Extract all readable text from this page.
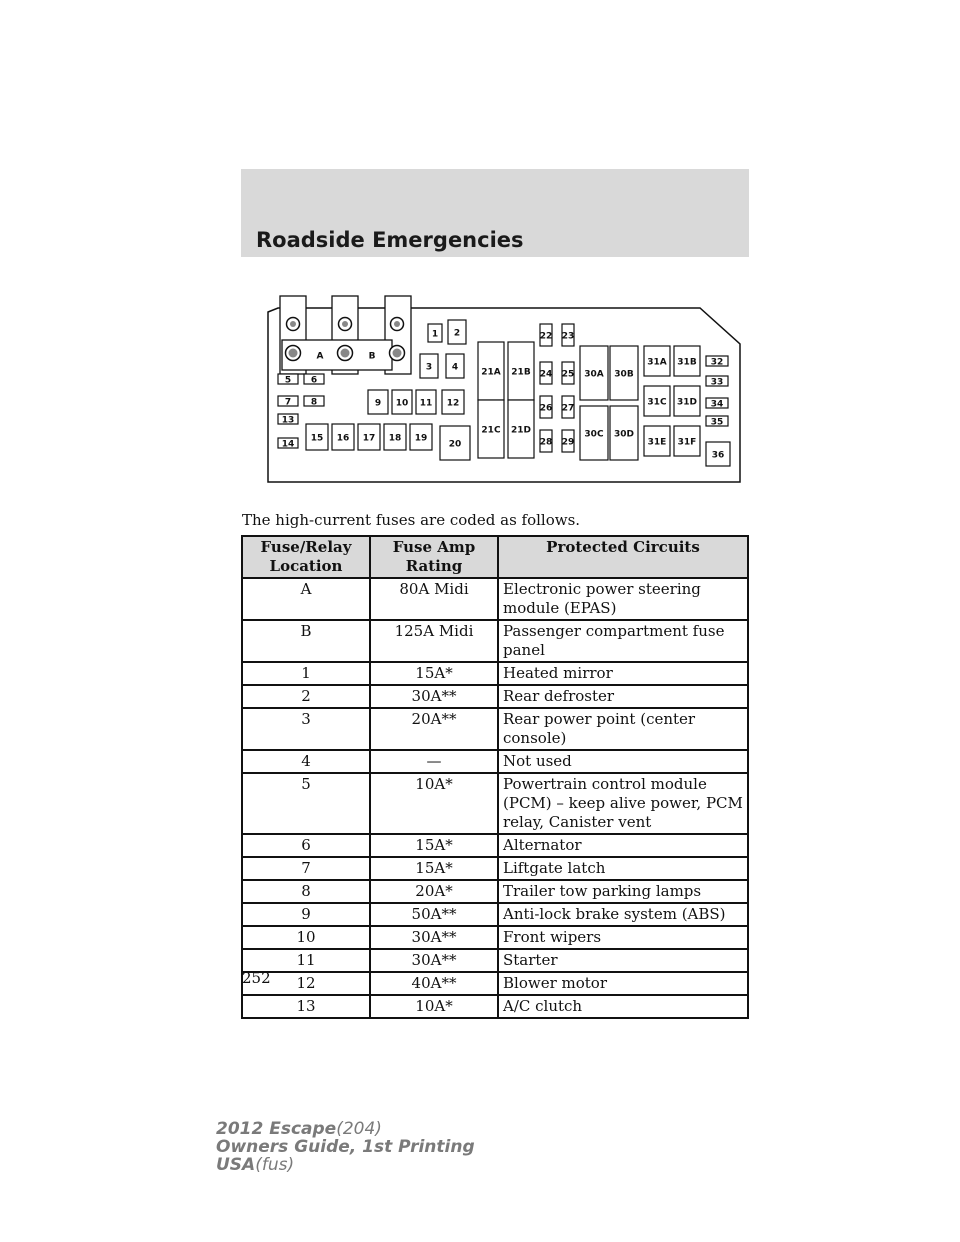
Roadside Emergencies
A	B
1 2
3 4
5 6
7 8	9 10 11 12
13
14
15 16 17 18 19
20
21A 21B
21C 21D
22 23
24 25
26 27
28 29
30A 30B
30C 30D
31A 31B
31C 31D
31E 31F
32
33
34
35
36
The high-current fuses are coded as follows.
Fuse/Relay Location	Fuse Amp Rating	Protected Circuits
A	80A Midi	Electronic power steering module (EPAS)
B	125A Midi	Passenger compartment fuse panel
1	15A*	Heated mirror
2	30A**	Rear defroster
3	20A**	Rear power point (center console)
4	—	Not used
5	10A*	Powertrain control module (PCM) – keep alive power, PCM relay, Canister vent
6	15A*	Alternator
7	15A*	Liftgate latch
8	20A*	Trailer tow parking lamps
9	50A**	Anti-lock brake system (ABS)
10	30A**	Front wipers
11	30A**	Starter
12	40A**	Blower motor
13	10A*	A/C clutch
252
2012 Escape(204)
Owners Guide, 1st Printing
USA(fus)
